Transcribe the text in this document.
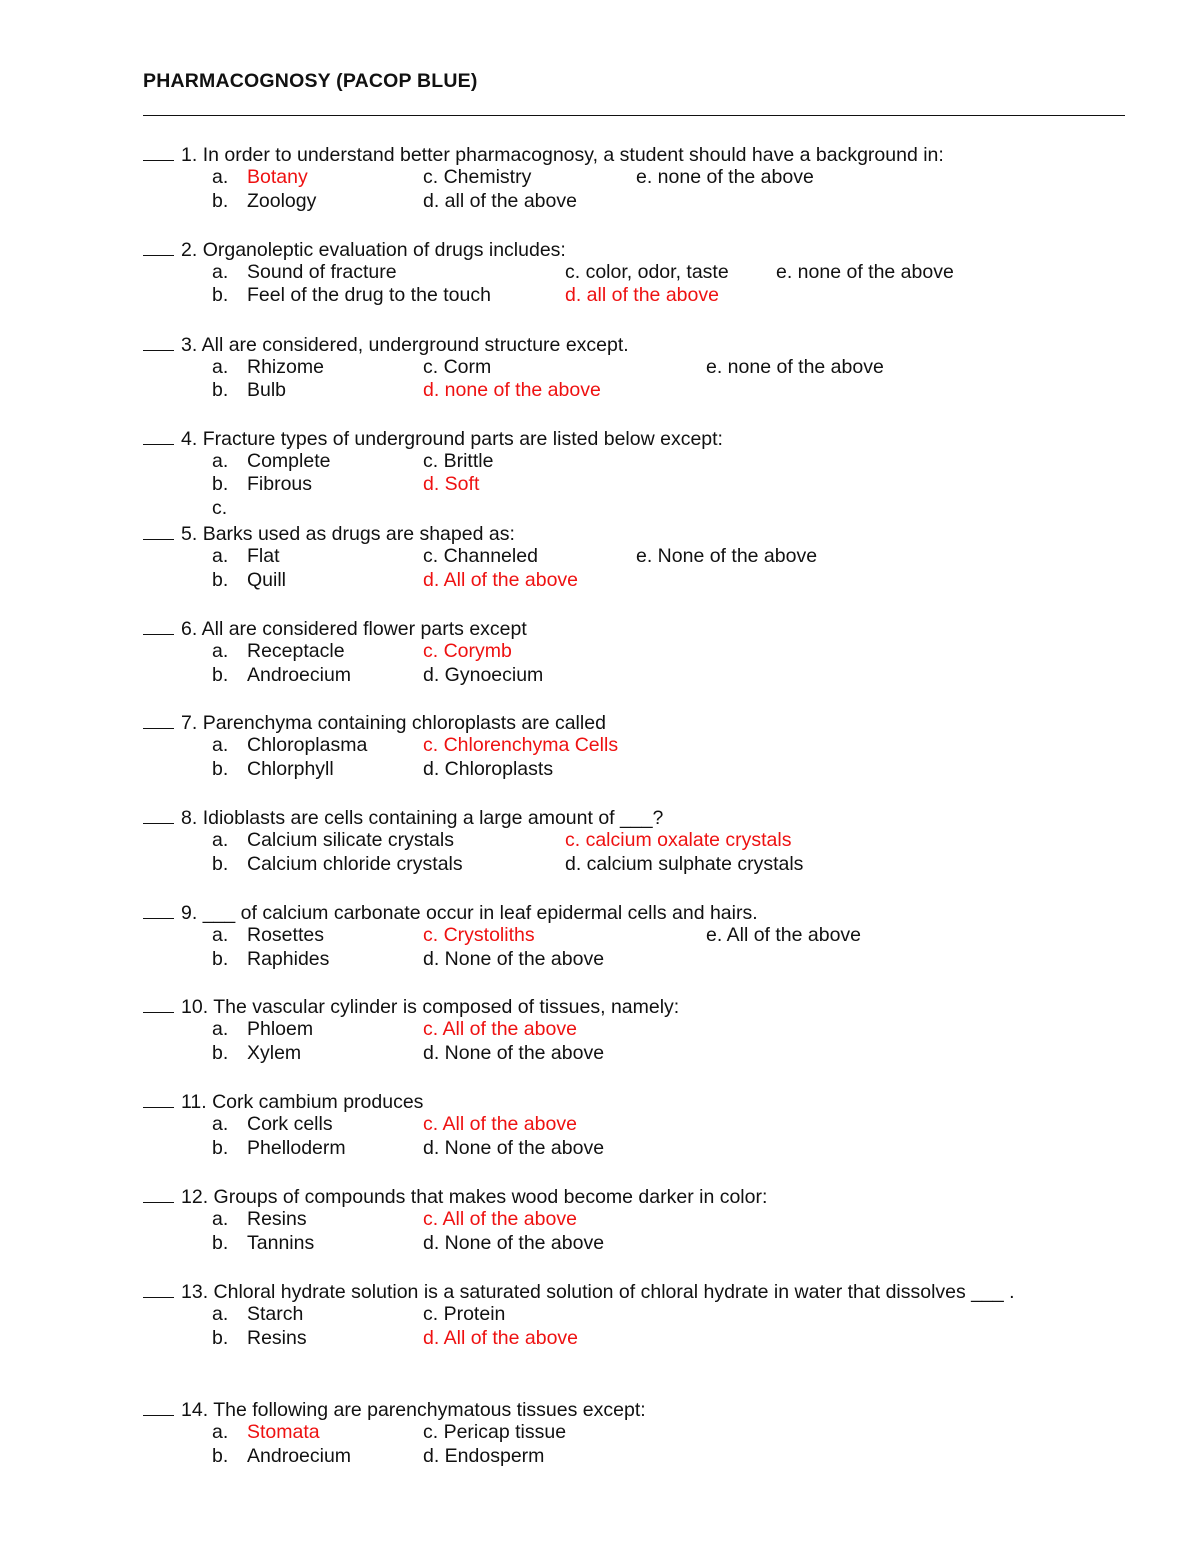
PHARMACOGNOSY (PACOP BLUE)
1. In order to understand better pharmacognosy, a student should have a background in:
a. Botany	c. Chemistry	e. none of the above
b. Zoology	d. all of the above
2. Organoleptic evaluation of drugs includes:
a. Sound of fracture	c. color, odor, taste e. none of the above
b. Feel of the drug to the touch	d. all of the above
3. All are considered, underground structure except.
a. Rhizome	c. Corm	e. none of the above
b. Bulb	d. none of the above
4. Fracture types of underground parts are listed below except:
a. Complete	c. Brittle
b. Fibrous	d. Soft
c.
5. Barks used as drugs are shaped as:
a. Flat	c. Channeled	e. None of the above
b. Quill	d. All of the above
6. All are considered flower parts except
a. Receptacle	c. Corymb
b. Androecium	d. Gynoecium
7. Parenchyma containing chloroplasts are called
a. Chloroplasma	c. Chlorenchyma Cells
b. Chlorphyll	d. Chloroplasts
8. Idioblasts are cells containing a large amount of ___?
a. Calcium silicate crystals	c. calcium oxalate crystals
b. Calcium chloride crystals	d. calcium sulphate crystals
9. ___ of calcium carbonate occur in leaf epidermal cells and hairs.
a. Rosettes	c. Crystoliths	e. All of the above
b. Raphides	d. None of the above
10. The vascular cylinder is composed of tissues, namely:
a. Phloem	c. All of the above
b. Xylem	d. None of the above
11. Cork cambium produces
a. Cork cells	c. All of the above
b. Phelloderm	d. None of the above
12. Groups of compounds that makes wood become darker in color:
a. Resins	c. All of the above
b. Tannins	d. None of the above
13. Chloral hydrate solution is a saturated solution of chloral hydrate in water that dissolves ___ .
a. Starch	c. Protein
b. Resins	d. All of the above
14. The following are parenchymatous tissues except:
a. Stomata	c. Pericap tissue
b. Androecium	d. Endosperm
